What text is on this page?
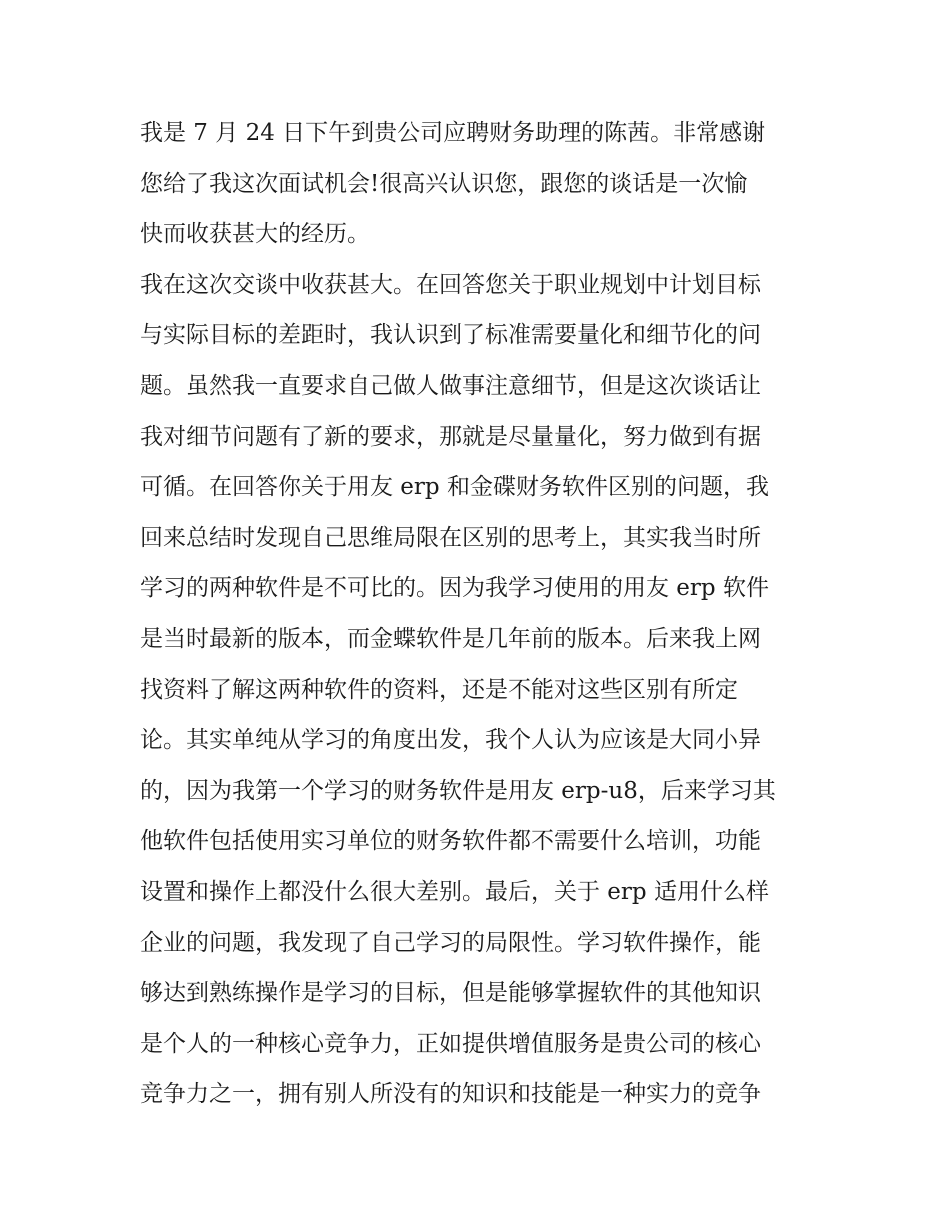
我是 7 月 24 日下午到贵公司应聘财务助理的陈茜。非常感谢
您给了我这次面试机会!很高兴认识您，跟您的谈话是一次愉
快而收获甚大的经历。
我在这次交谈中收获甚大。在回答您关于职业规划中计划目标
与实际目标的差距时，我认识到了标准需要量化和细节化的问
题。虽然我一直要求自己做人做事注意细节，但是这次谈话让
我对细节问题有了新的要求，那就是尽量量化，努力做到有据
可循。在回答你关于用友 erp 和金碟财务软件区别的问题，我
回来总结时发现自己思维局限在区别的思考上，其实我当时所
学习的两种软件是不可比的。因为我学习使用的用友 erp 软件
是当时最新的版本，而金蝶软件是几年前的版本。后来我上网
找资料了解这两种软件的资料，还是不能对这些区别有所定
论。其实单纯从学习的角度出发，我个人认为应该是大同小异
的，因为我第一个学习的财务软件是用友 erp-u8，后来学习其
他软件包括使用实习单位的财务软件都不需要什么培训，功能
设置和操作上都没什么很大差别。最后，关于 erp 适用什么样
企业的问题，我发现了自己学习的局限性。学习软件操作，能
够达到熟练操作是学习的目标，但是能够掌握软件的其他知识
是个人的一种核心竞争力，正如提供增值服务是贵公司的核心
竞争力之一，拥有别人所没有的知识和技能是一种实力的竞争
